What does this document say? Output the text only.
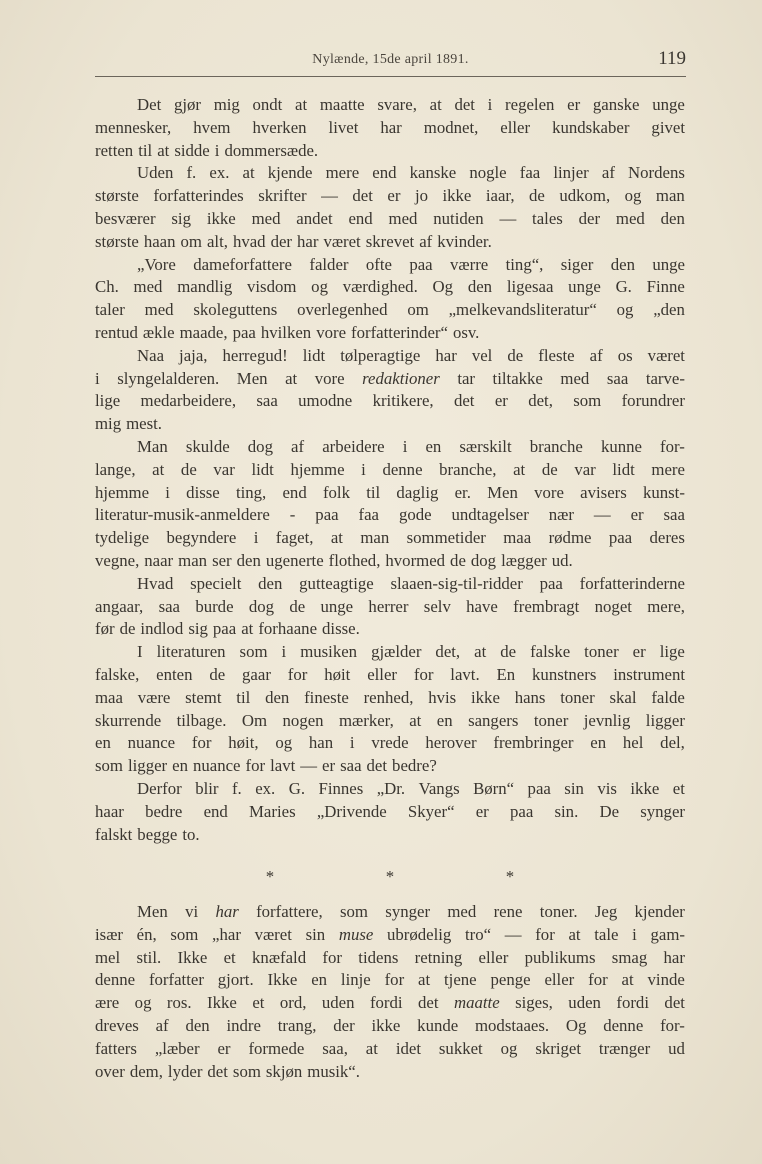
Nylænde, 15de april 1891.	119
Det gjør mig ondt at maatte svare, at det i regelen er ganske unge
mennesker, hvem hverken livet har modnet, eller kundskaber givet
retten til at sidde i dommersæde.
Uden f. ex. at kjende mere end kanske nogle faa linjer af Nordens
største forfatterindes skrifter — det er jo ikke iaar, de udkom, og man
besværer sig ikke med andet end med nutiden — tales der med den
største haan om alt, hvad der har været skrevet af kvinder.
„Vore dameforfattere falder ofte paa værre ting“, siger den unge
Ch. med mandlig visdom og værdighed. Og den ligesaa unge G. Finne
taler med skoleguttens overlegenhed om „melkevandsliteratur“ og „den
rentud ækle maade, paa hvilken vore forfatterinder“ osv.
Naa jaja, herregud! lidt tølperagtige har vel de fleste af os været
i slyngelalderen. Men at vore redaktioner tar tiltakke med saa tarve-
lige medarbeidere, saa umodne kritikere, det er det, som forundrer
mig mest.
Man skulde dog af arbeidere i en særskilt branche kunne for-
lange, at de var lidt hjemme i denne branche, at de var lidt mere
hjemme i disse ting, end folk til daglig er. Men vore avisers kunst-
literatur-musik-anmeldere - paa faa gode undtagelser nær — er saa
tydelige begyndere i faget, at man sommetider maa rødme paa deres
vegne, naar man ser den ugenerte flothed, hvormed de dog lægger ud.
Hvad specielt den gutteagtige slaaen-sig-til-ridder paa forfatterinderne
angaar, saa burde dog de unge herrer selv have frembragt noget mere,
før de indlod sig paa at forhaane disse.
I literaturen som i musiken gjælder det, at de falske toner er lige
falske, enten de gaar for høit eller for lavt. En kunstners instrument
maa være stemt til den fineste renhed, hvis ikke hans toner skal falde
skurrende tilbage. Om nogen mærker, at en sangers toner jevnlig ligger
en nuance for høit, og han i vrede herover frembringer en hel del,
som ligger en nuance for lavt — er saa det bedre?
Derfor blir f. ex. G. Finnes „Dr. Vangs Børn“ paa sin vis ikke et
haar bedre end Maries „Drivende Skyer“ er paa sin. De synger
falskt begge to.
*	*	*
Men vi har forfattere, som synger med rene toner. Jeg kjender
især én, som „har været sin muse ubrødelig tro“ — for at tale i gam-
mel stil. Ikke et knæfald for tidens retning eller publikums smag har
denne forfatter gjort. Ikke en linje for at tjene penge eller for at vinde
ære og ros. Ikke et ord, uden fordi det maatte siges, uden fordi det
dreves af den indre trang, der ikke kunde modstaaes. Og denne for-
fatters „læber er formede saa, at idet sukket og skriget trænger ud
over dem, lyder det som skjøn musik“.
